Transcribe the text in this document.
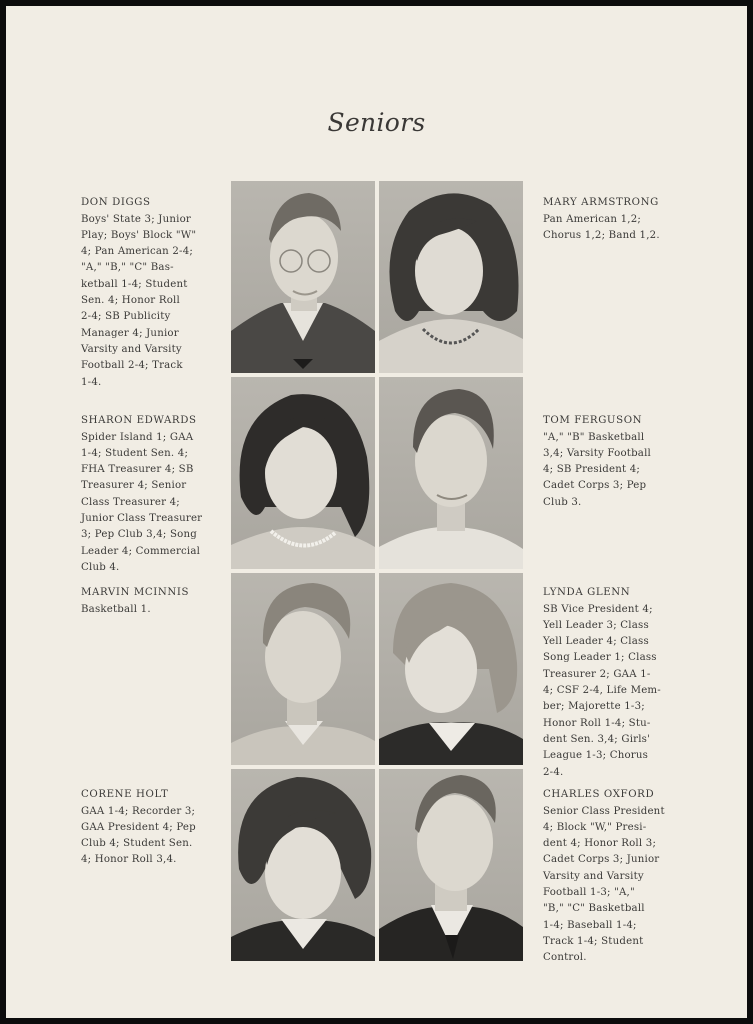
Seniors

DON DIGGS
Boys' State 3; Junior
Play; Boys' Block "W"
4; Pan American 2-4;
"A," "B," "C" Bas-
ketball 1-4; Student
Sen. 4; Honor Roll
2-4; SB Publicity
Manager 4; Junior
Varsity and Varsity
Football 2-4; Track
1-4.

MARY ARMSTRONG
Pan American 1,2;
Chorus 1,2; Band 1,2.

SHARON EDWARDS
Spider Island 1; GAA
1-4; Student Sen. 4;
FHA Treasurer 4; SB
Treasurer 4; Senior
Class Treasurer 4;
Junior Class Treasurer
3; Pep Club 3,4; Song
Leader 4; Commercial
Club 4.

TOM FERGUSON
"A," "B" Basketball
3,4; Varsity Football
4; SB President 4;
Cadet Corps 3; Pep
Club 3.

MARVIN MCINNIS
Basketball 1.

LYNDA GLENN
SB Vice President 4;
Yell Leader 3; Class
Yell Leader 4; Class
Song Leader 1; Class
Treasurer 2; GAA 1-
4; CSF 2-4, Life Mem-
ber; Majorette 1-3;
Honor Roll 1-4; Stu-
dent Sen. 3,4; Girls'
League 1-3; Chorus
2-4.

CORENE HOLT
GAA 1-4; Recorder 3;
GAA President 4; Pep
Club 4; Student Sen.
4; Honor Roll 3,4.

CHARLES OXFORD
Senior Class President
4; Block "W," Presi-
dent 4; Honor Roll 3;
Cadet Corps 3; Junior
Varsity and Varsity
Football 1-3; "A,"
"B," "C" Basketball
1-4; Baseball 1-4;
Track 1-4; Student
Control.
